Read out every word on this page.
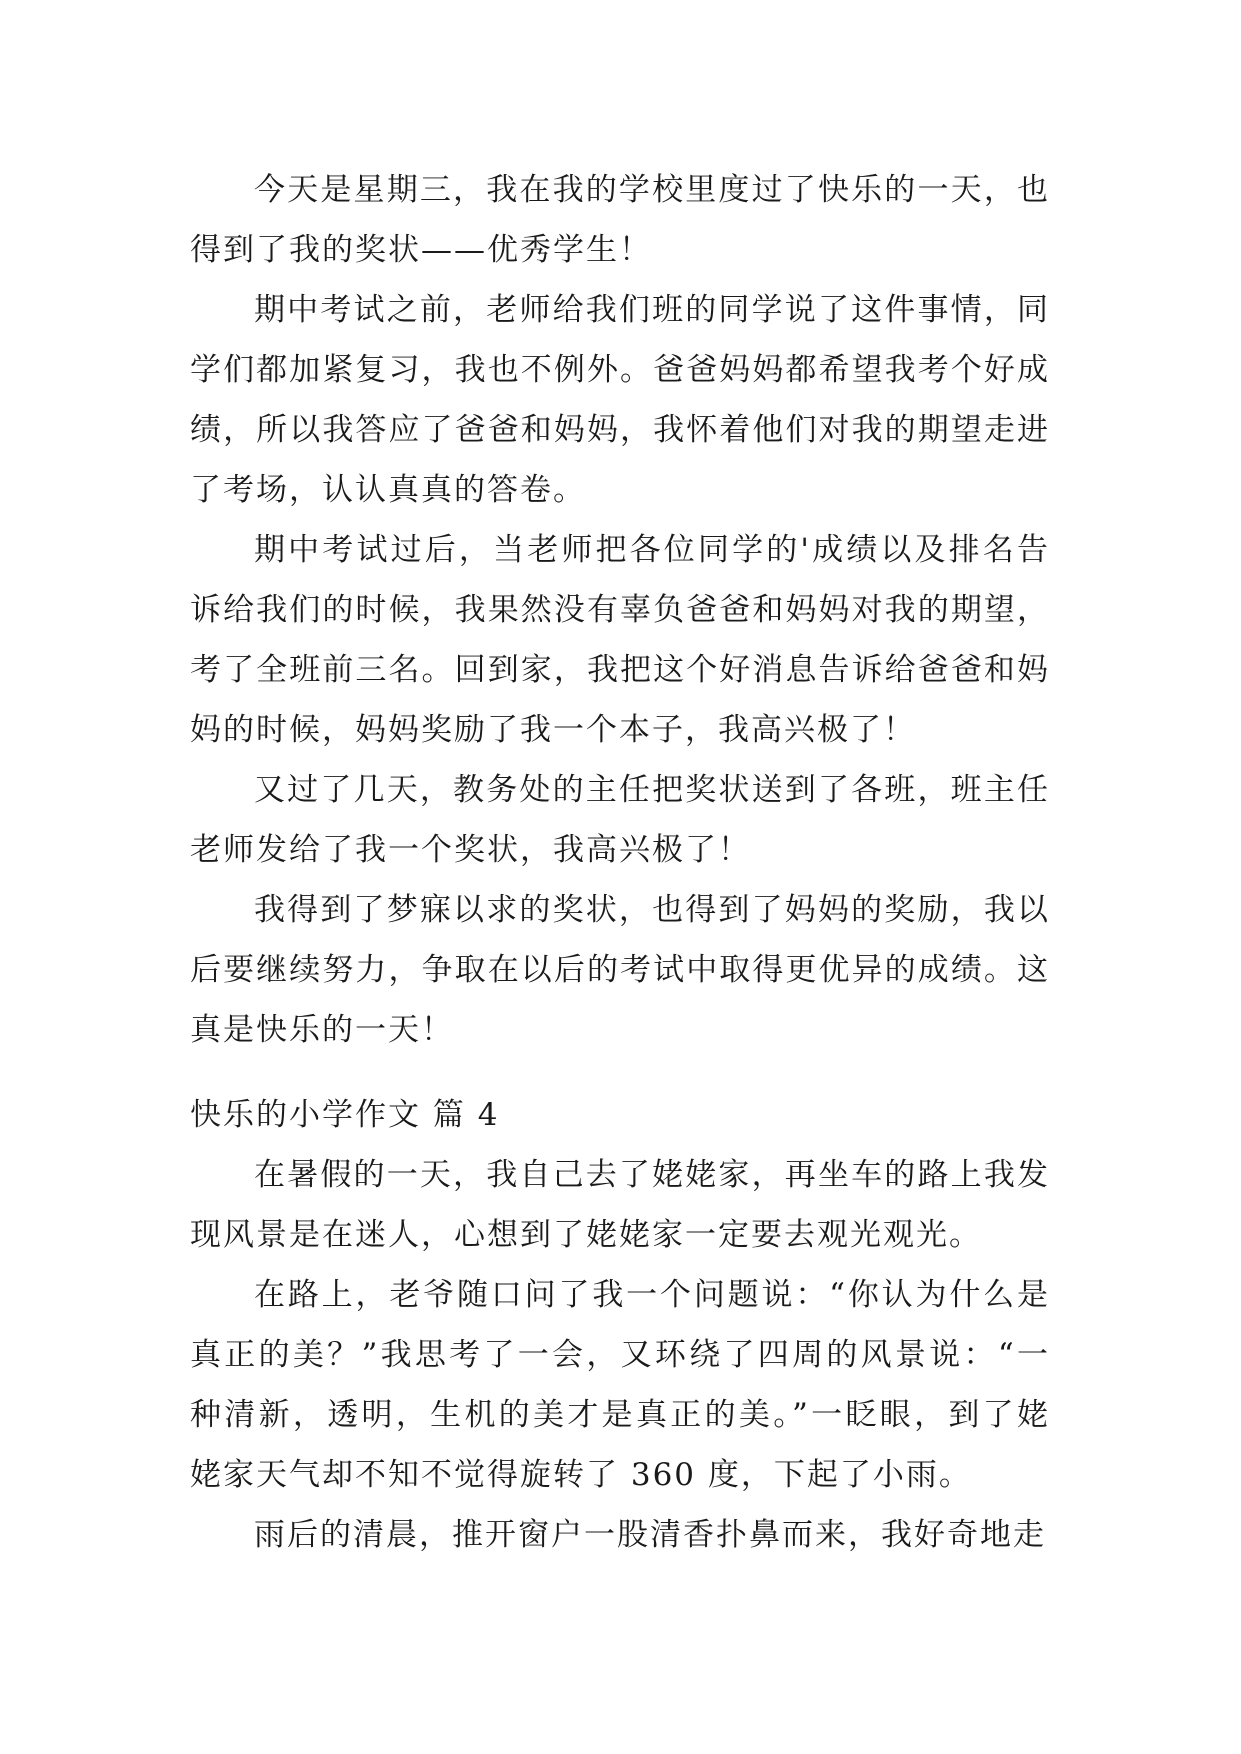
今天是星期三，我在我的学校里度过了快乐的一天，也得到了我的奖状——优秀学生！

期中考试之前，老师给我们班的同学说了这件事情，同学们都加紧复习，我也不例外。爸爸妈妈都希望我考个好成绩，所以我答应了爸爸和妈妈，我怀着他们对我的期望走进了考场，认认真真的答卷。

期中考试过后，当老师把各位同学的'成绩以及排名告诉给我们的时候，我果然没有辜负爸爸和妈妈对我的期望，考了全班前三名。回到家，我把这个好消息告诉给爸爸和妈妈的时候，妈妈奖励了我一个本子，我高兴极了！

又过了几天，教务处的主任把奖状送到了各班，班主任老师发给了我一个奖状，我高兴极了！

我得到了梦寐以求的奖状，也得到了妈妈的奖励，我以后要继续努力，争取在以后的考试中取得更优异的成绩。这真是快乐的一天！

快乐的小学作文 篇 4

在暑假的一天，我自己去了姥姥家，再坐车的路上我发现风景是在迷人，心想到了姥姥家一定要去观光观光。

在路上，老爷随口问了我一个问题说：“你认为什么是真正的美？”我思考了一会，又环绕了四周的风景说：“一种清新，透明，生机的美才是真正的美。”一眨眼，到了姥姥家天气却不知不觉得旋转了 360 度，下起了小雨。

雨后的清晨，推开窗户一股清香扑鼻而来，我好奇地走
